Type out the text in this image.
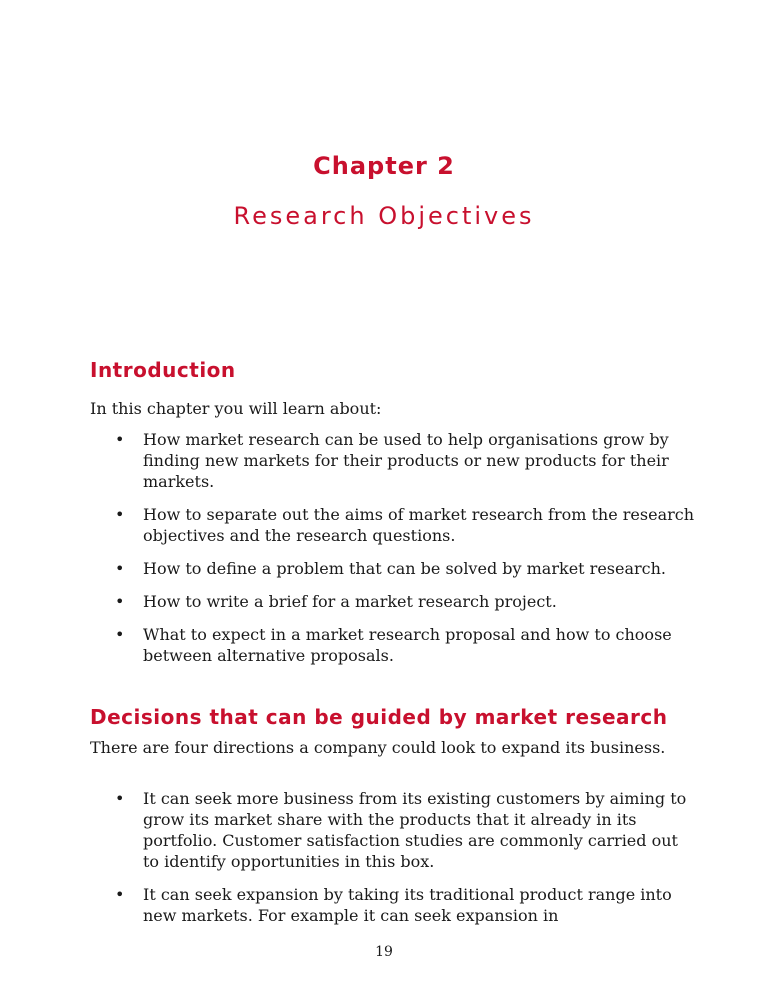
Chapter 2
Research Objectives
Introduction

In this chapter you will learn about:

• How market research can be used to help organisations grow by finding new markets for their products or new products for their markets.
• How to separate out the aims of market research from the research objectives and the research questions.
• How to define a problem that can be solved by market research.
• How to write a brief for a market research project.
• What to expect in a market research proposal and how to choose between alternative proposals.
Decisions that can be guided by market research

There are four directions a company could look to expand its business.

• It can seek more business from its existing customers by aiming to grow its market share with the products that it already in its portfolio. Customer satisfaction studies are commonly carried out to identify opportunities in this box.
• It can seek expansion by taking its traditional product range into new markets. For example it can seek expansion in
19
